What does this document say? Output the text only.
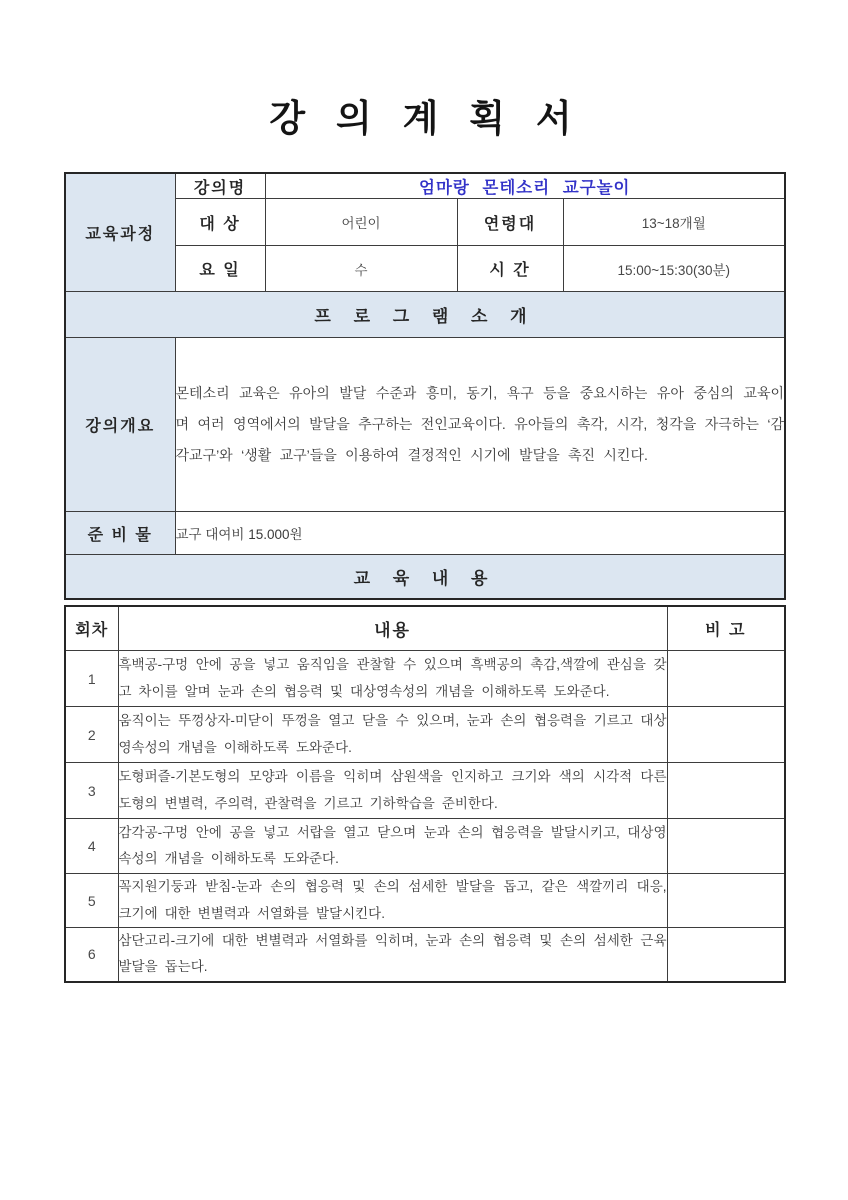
강 의 계 획 서
교육과정	강의명	엄마랑 몬테소리 교구놀이		
	대 상	어린이	연령대	13~18개월
	요 일	수	시 간	15:00~15:30(30분)
프 로 그 램 소 개				
강의개요	몬테소리 교육은 유아의 발달 수준과 흥미, 동기, 욕구 등을 중요시하는 유아 중심의 교육이며 여러 영역에서의 발달을 추구하는 전인교육이다. 유아들의 촉각, 시각, 청각을 자극하는 ‘감각교구’와 ‘생활 교구’들을 이용하여 결정적인 시기에 발달을 촉진 시킨다.			
준 비 물	교구 대여비 15.000원			
교 육 내 용				
회차	내용	비 고
1	흑백공-구멍 안에 공을 넣고 움직임을 관찰할 수 있으며 흑백공의 촉감,색깔에 관심을 갖고 차이를 알며 눈과 손의 협응력 및 대상영속성의 개념을 이해하도록 도와준다.	
2	움직이는 뚜껑상자-미닫이 뚜껑을 열고 닫을 수 있으며, 눈과 손의 협응력을 기르고 대상영속성의 개념을 이해하도록 도와준다.	
3	도형퍼즐-기본도형의 모양과 이름을 익히며 삼원색을 인지하고 크기와 색의 시각적 다른 도형의 변별력, 주의력, 관찰력을 기르고 기하학습을 준비한다.	
4	감각공-구멍 안에 공을 넣고 서랍을 열고 닫으며 눈과 손의 협응력을 발달시키고, 대상영속성의 개념을 이해하도록 도와준다.	
5	꼭지원기둥과 받침-눈과 손의 협응력 및 손의 섬세한 발달을 돕고, 같은 색깔끼리 대응, 크기에 대한 변별력과 서열화를 발달시킨다.	
6	삼단고리-크기에 대한 변별력과 서열화를 익히며, 눈과 손의 협응력 및 손의 섬세한 근육발달을 돕는다.	
